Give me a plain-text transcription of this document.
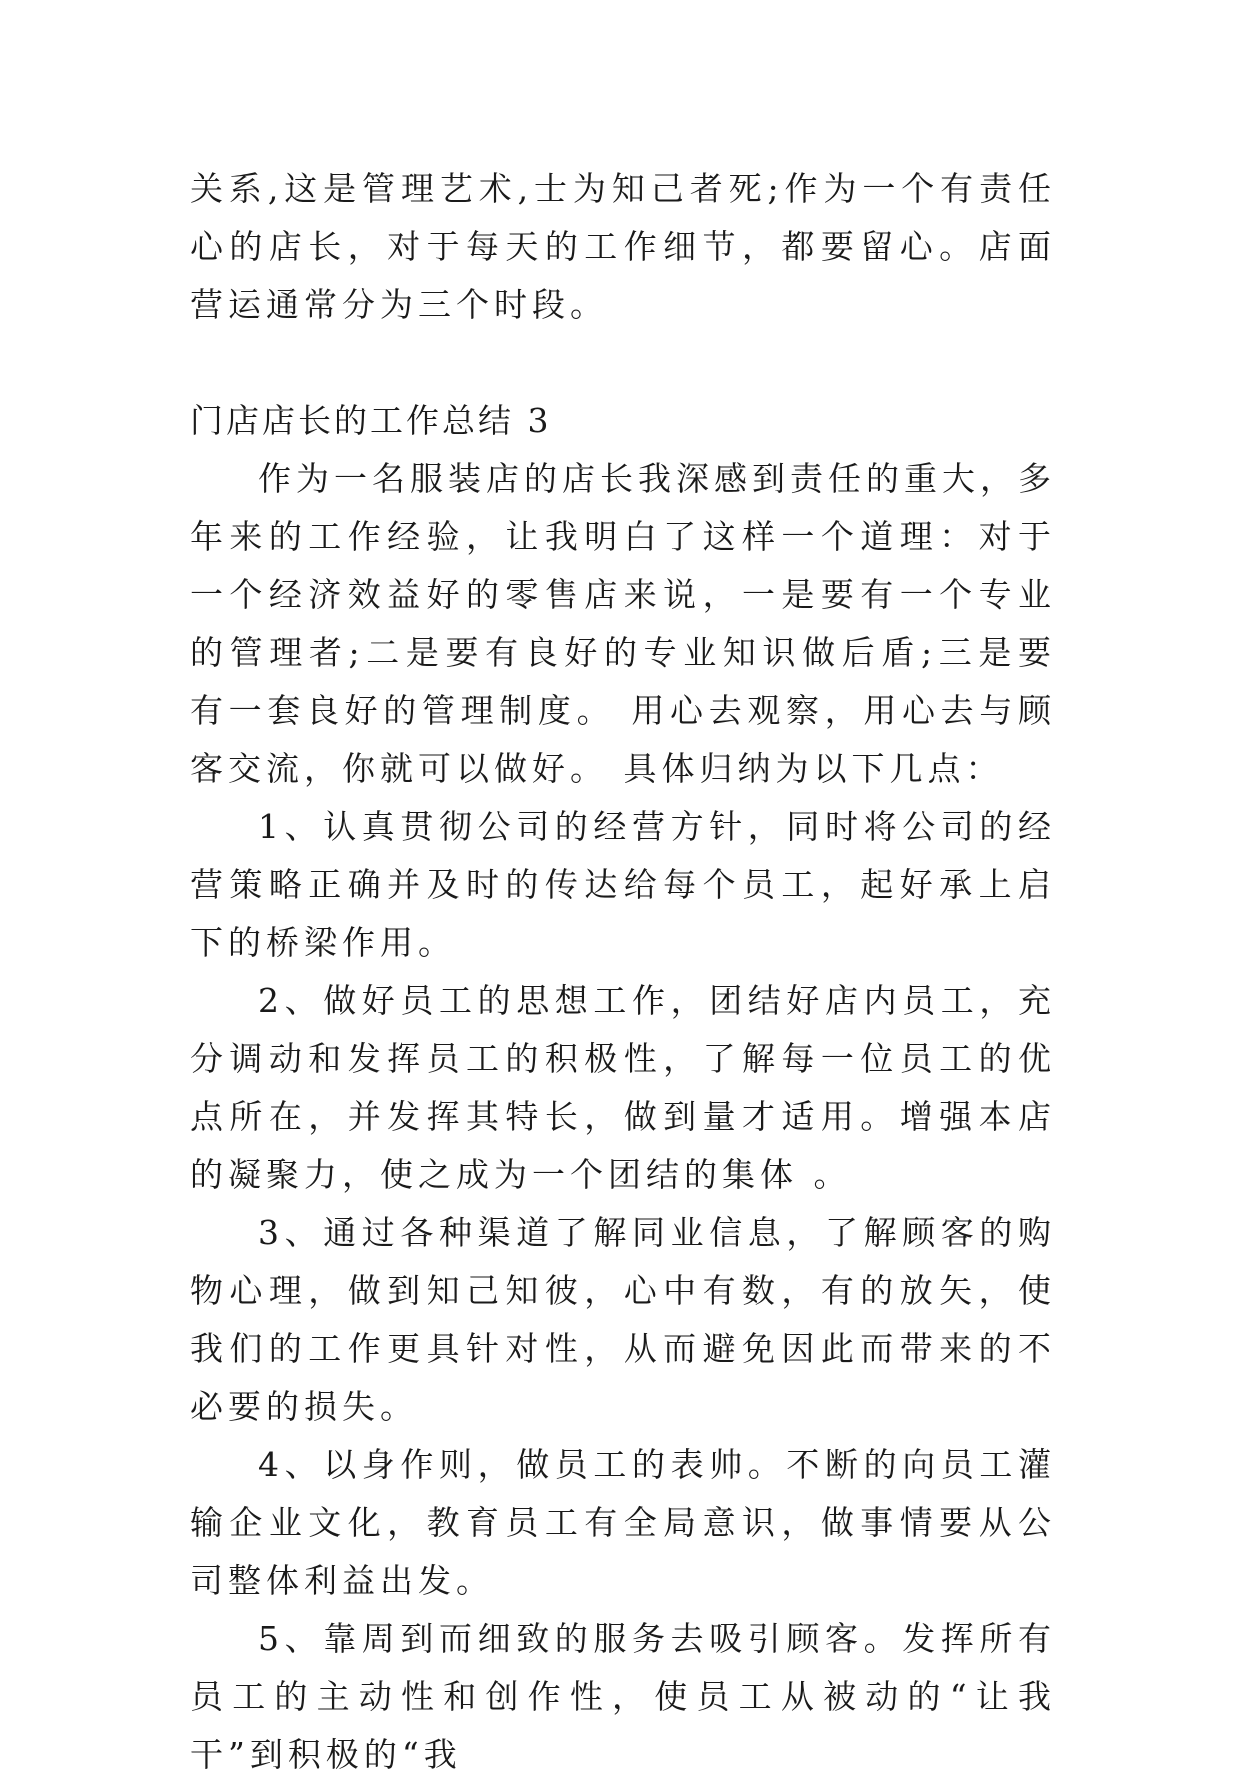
关系,这是管理艺术,士为知己者死;作为一个有责任心的店长，对于每天的工作细节，都要留心。店面营运通常分为三个时段。

门店店长的工作总结 3

作为一名服装店的店长我深感到责任的重大，多年来的工作经验，让我明白了这样一个道理：对于一个经济效益好的零售店来说，一是要有一个专业的管理者;二是要有良好的专业知识做后盾;三是要有一套良好的管理制度。 用心去观察，用心去与顾客交流，你就可以做好。 具体归纳为以下几点：

1、认真贯彻公司的经营方针，同时将公司的经营策略正确并及时的传达给每个员工，起好承上启下的桥梁作用。

2、做好员工的思想工作，团结好店内员工，充分调动和发挥员工的积极性，了解每一位员工的优点所在，并发挥其特长，做到量才适用。增强本店的凝聚力，使之成为一个团结的集体 。

3、通过各种渠道了解同业信息，了解顾客的购物心理，做到知己知彼，心中有数，有的放矢，使我们的工作更具针对性，从而避免因此而带来的不必要的损失。

4、以身作则，做员工的表帅。不断的向员工灌输企业文化，教育员工有全局意识，做事情要从公司整体利益出发。

5、靠周到而细致的服务去吸引顾客。发挥所有员工的主动性和创作性，使员工从被动的“让我干”到积极的“我
